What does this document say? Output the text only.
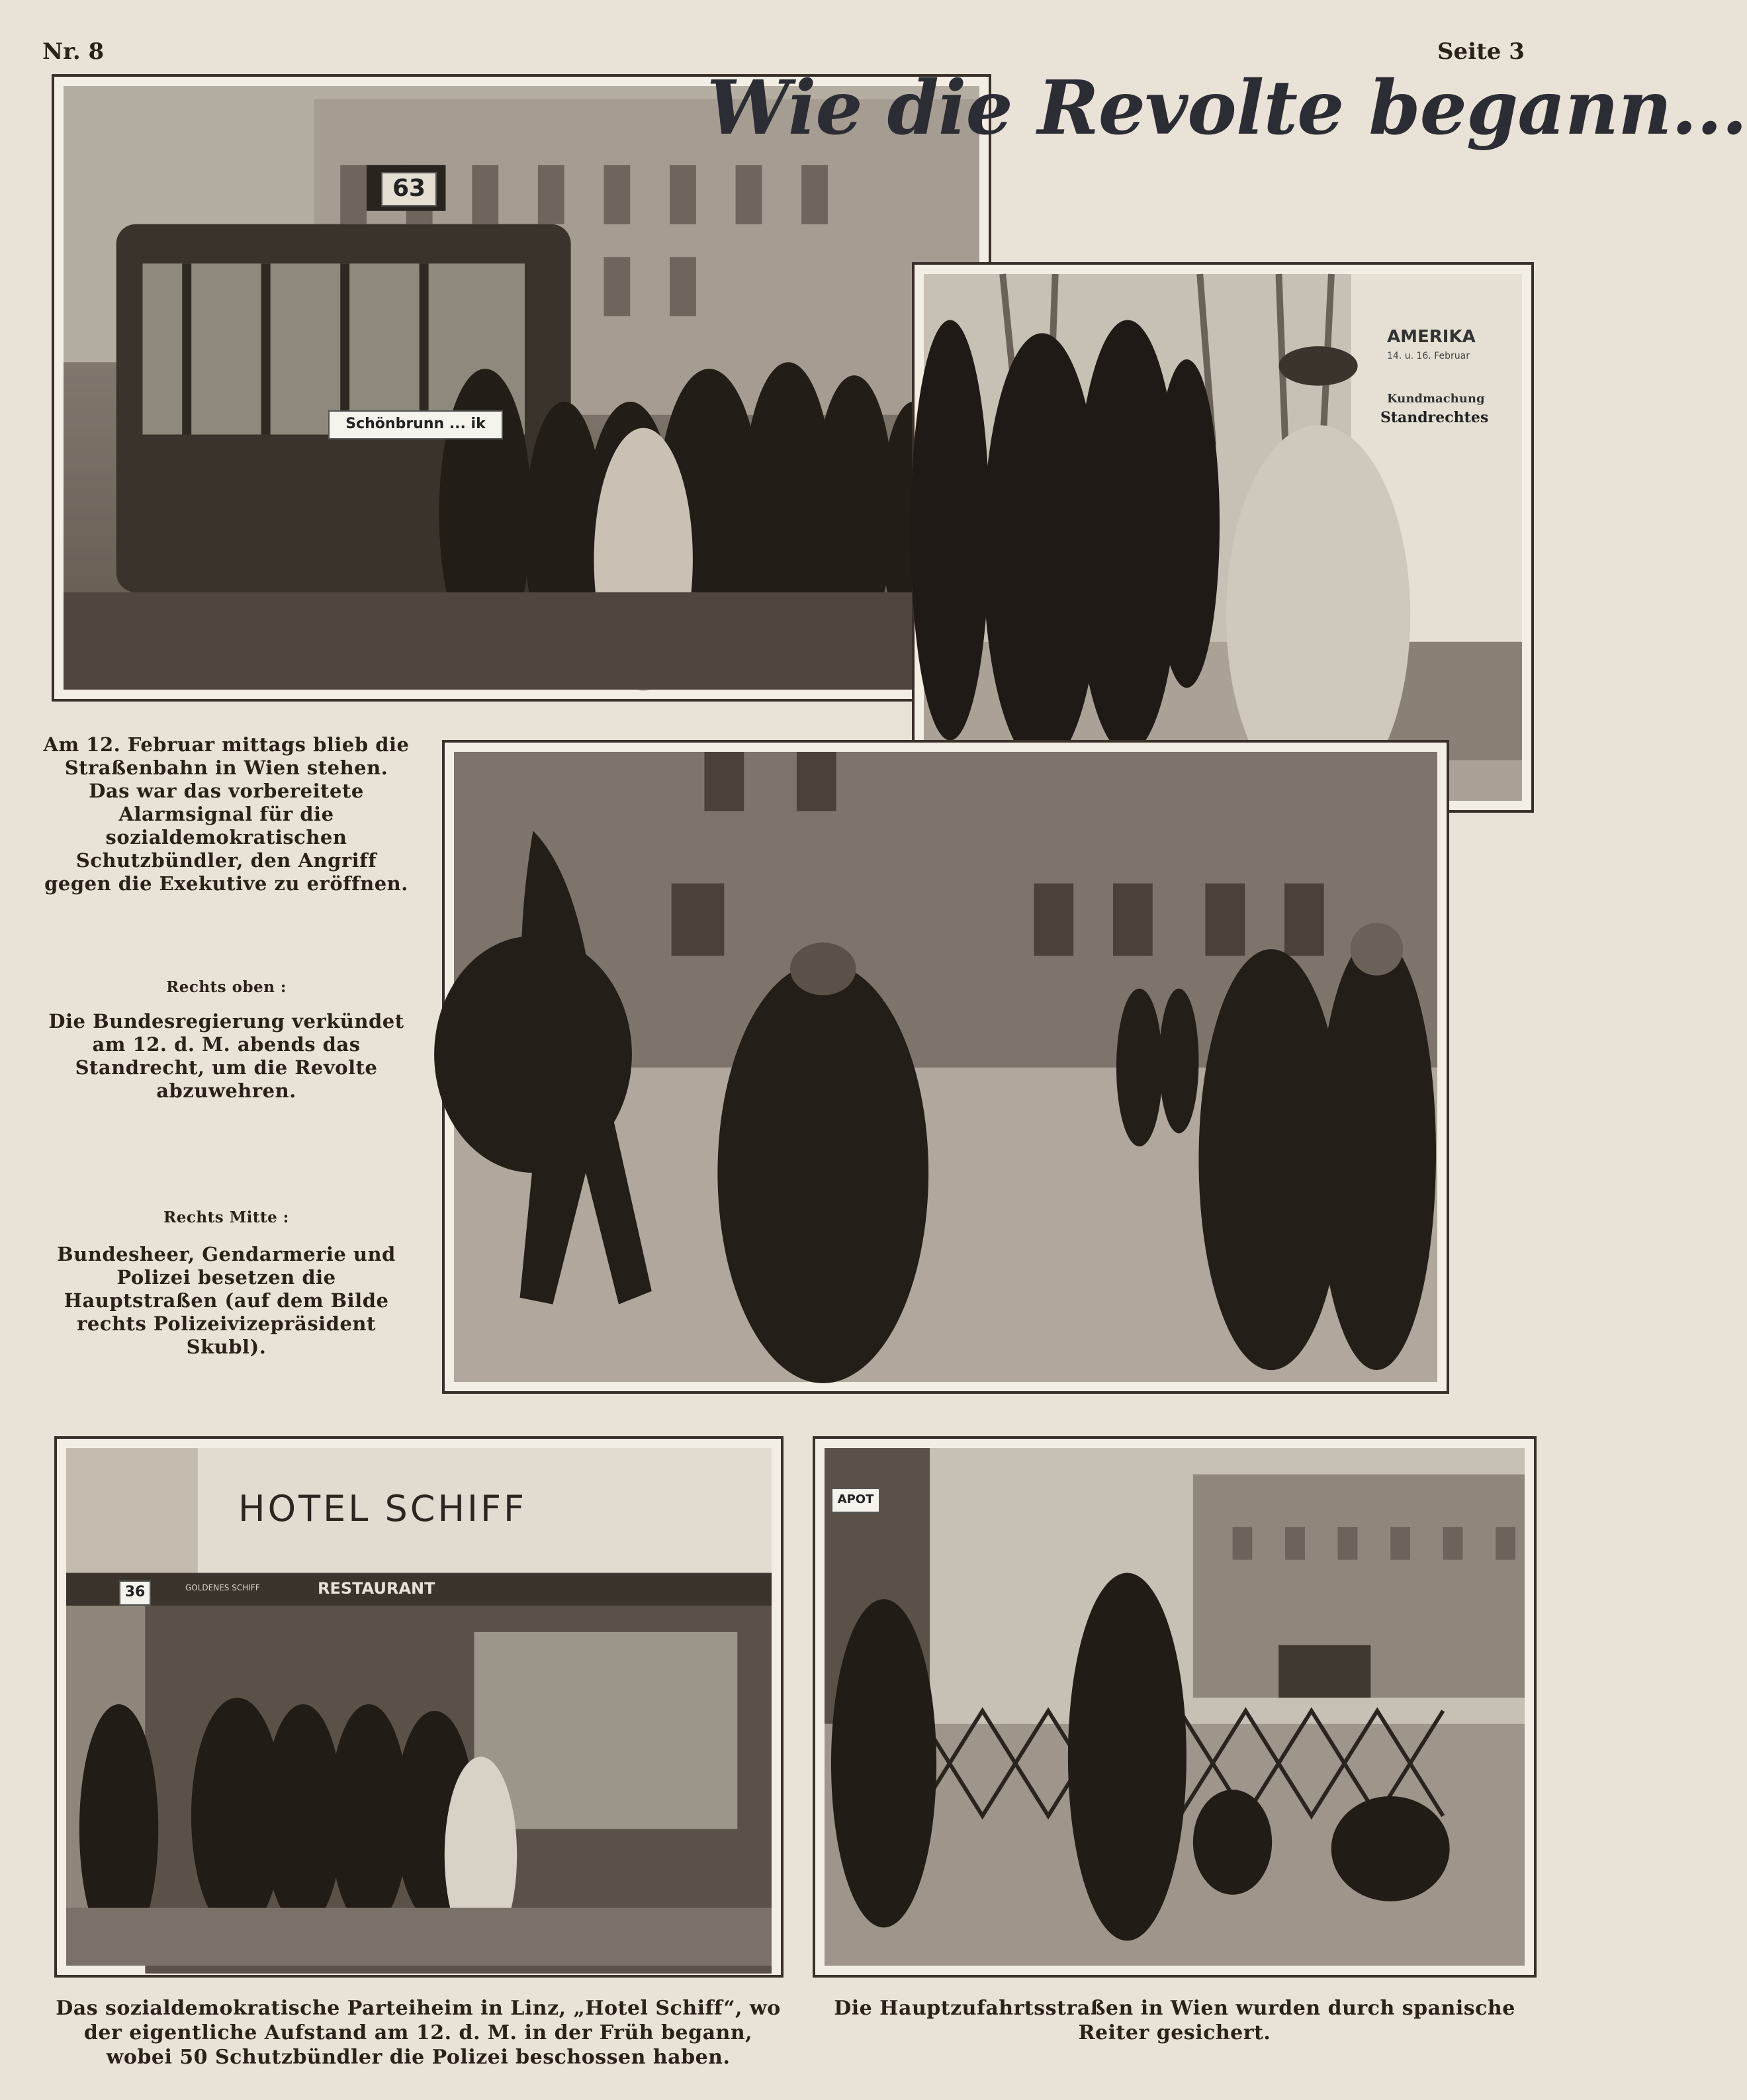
Nr. 8	Seite 3
63
Schönbrunn ... ik
Wie die Revolte begann...
AMERIKA
14. u. 16. Februar
Kundmachung
Standrechtes
Am 12. Februar mittags blieb die Straßenbahn in Wien stehen. Das war das vorbereitete Alarmsignal für die sozialdemokratischen Schutzbündler, den Angriff gegen die Exekutive zu eröffnen.
Rechts oben :
Die Bundesregierung verkündet am 12. d. M. abends das Standrecht, um die Revolte abzuwehren.
Rechts Mitte :
Bundesheer, Gendarmerie und Polizei besetzen die Hauptstraßen (auf dem Bilde rechts Polizeivizepräsident Skubl).
HOTEL SCHIFF
RESTAURANT
GOLDENES SCHIFF
36
APOT
Das sozialdemokratische Parteiheim in Linz, „Hotel Schiff“, wo der eigentliche Aufstand am 12. d. M. in der Früh begann, wobei 50 Schutzbündler die Polizei beschossen haben.
Die Hauptzufahrtsstraßen in Wien wurden durch spanische Reiter gesichert.
